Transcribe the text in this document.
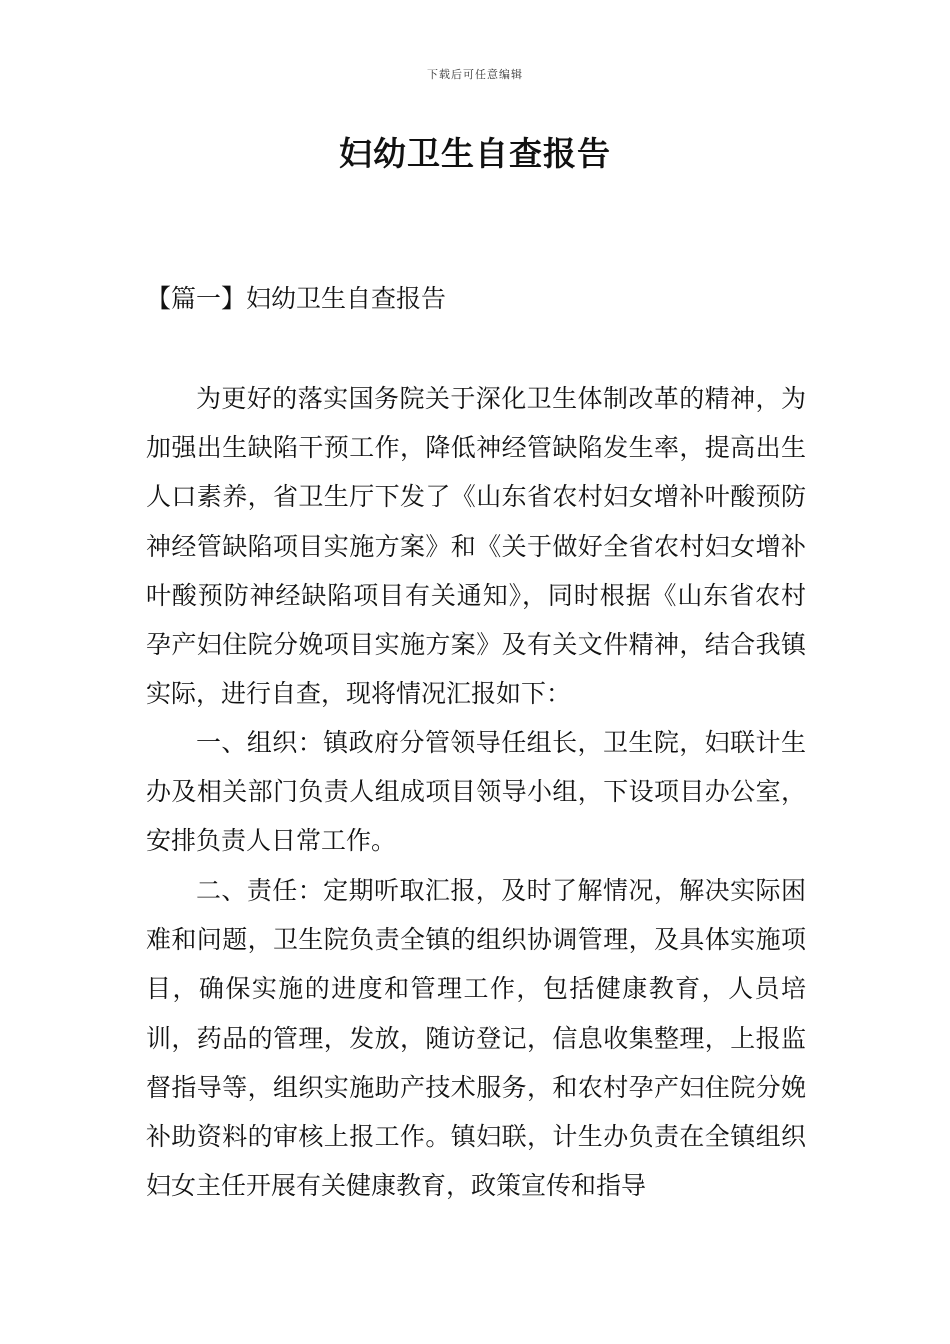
下载后可任意编辑
妇幼卫生自查报告
【篇一】妇幼卫生自查报告

为更好的落实国务院关于深化卫生体制改革的精神，为加强出生缺陷干预工作，降低神经管缺陷发生率，提高出生人口素养，省卫生厅下发了《山东省农村妇女增补叶酸预防神经管缺陷项目实施方案》和《关于做好全省农村妇女增补叶酸预防神经缺陷项目有关通知》，同时根据《山东省农村孕产妇住院分娩项目实施方案》及有关文件精神，结合我镇实际，进行自查，现将情况汇报如下：

一、组织：镇政府分管领导任组长，卫生院，妇联计生办及相关部门负责人组成项目领导小组，下设项目办公室，安排负责人日常工作。

二、责任：定期听取汇报，及时了解情况，解决实际困难和问题，卫生院负责全镇的组织协调管理，及具体实施项目，确保实施的进度和管理工作，包括健康教育，人员培训，药品的管理，发放，随访登记，信息收集整理，上报监督指导等，组织实施助产技术服务，和农村孕产妇住院分娩补助资料的审核上报工作。镇妇联，计生办负责在全镇组织妇女主任开展有关健康教育，政策宣传和指导
